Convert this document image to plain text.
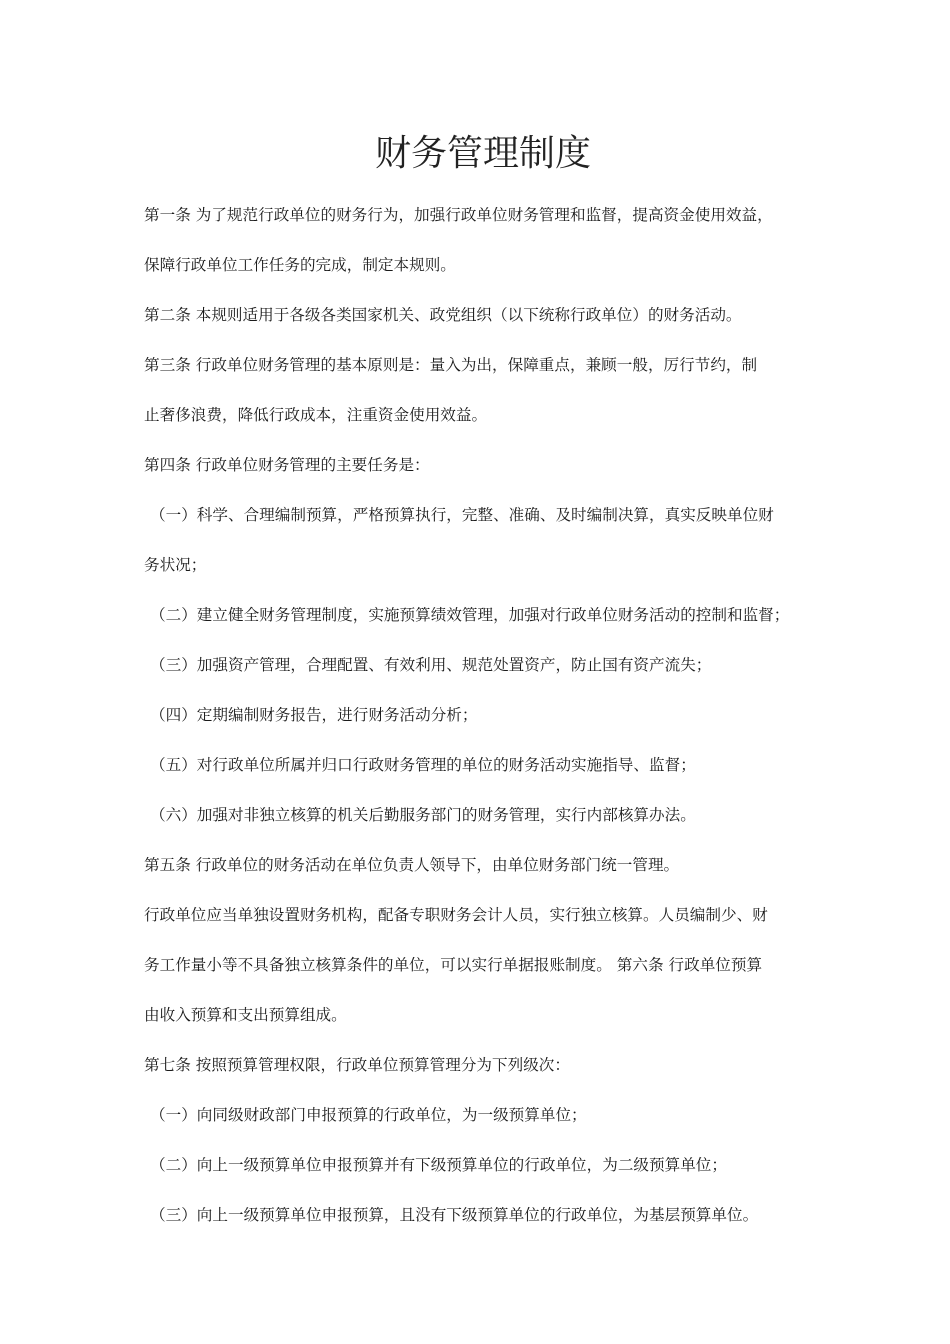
财务管理制度
第一条 为了规范行政单位的财务行为，加强行政单位财务管理和监督，提高资金使用效益，
保障行政单位工作任务的完成，制定本规则。
第二条 本规则适用于各级各类国家机关、政党组织（以下统称行政单位）的财务活动。
第三条 行政单位财务管理的基本原则是：量入为出，保障重点，兼顾一般，厉行节约，制
止奢侈浪费，降低行政成本，注重资金使用效益。
第四条 行政单位财务管理的主要任务是：
（一）科学、合理编制预算，严格预算执行，完整、准确、及时编制决算，真实反映单位财
务状况；
（二）建立健全财务管理制度，实施预算绩效管理，加强对行政单位财务活动的控制和监督；
（三）加强资产管理，合理配置、有效利用、规范处置资产，防止国有资产流失；
（四）定期编制财务报告，进行财务活动分析；
（五）对行政单位所属并归口行政财务管理的单位的财务活动实施指导、监督；
（六）加强对非独立核算的机关后勤服务部门的财务管理，实行内部核算办法。
第五条 行政单位的财务活动在单位负责人领导下，由单位财务部门统一管理。
行政单位应当单独设置财务机构，配备专职财务会计人员，实行独立核算。人员编制少、财
务工作量小等不具备独立核算条件的单位，可以实行单据报账制度。 第六条 行政单位预算
由收入预算和支出预算组成。
第七条 按照预算管理权限，行政单位预算管理分为下列级次：
（一）向同级财政部门申报预算的行政单位，为一级预算单位；
（二）向上一级预算单位申报预算并有下级预算单位的行政单位，为二级预算单位；
（三）向上一级预算单位申报预算，且没有下级预算单位的行政单位，为基层预算单位。
